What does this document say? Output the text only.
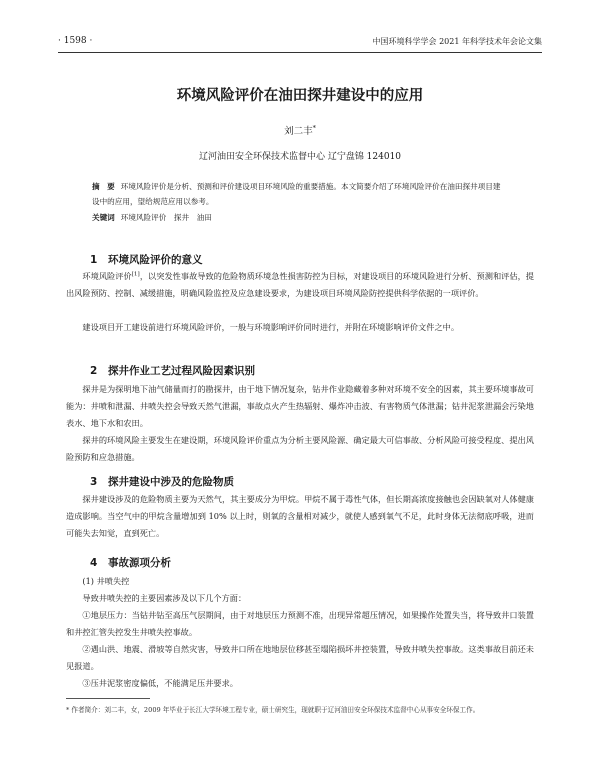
· 1598 ·	中国环境科学学会 2021 年科学技术年会论文集
环境风险评价在油田探井建设中的应用
刘二丰*
辽河油田安全环保技术监督中心 辽宁盘锦 124010
摘　要 环境风险评价是分析、预测和评价建设项目环境风险的重要措施。本文简要介绍了环境风险评价在油田探井项目建设中的应用，望给规范应用以参考。
关键词 环境风险评价　探井　油田
1 环境风险评价的意义
环境风险评价[1]，以突发性事故导致的危险物质环境急性损害防控为目标，对建设项目的环境风险进行分析、预测和评估，提出风险预防、控制、减缓措施，明确风险监控及应急建设要求，为建设项目环境风险防控提供科学依据的一项评价。
建设项目开工建设前进行环境风险评价，一般与环境影响评价同时进行，并附在环境影响评价文件之中。
2 探井作业工艺过程风险因素识别
探井是为探明地下油气储量而打的勘探井，由于地下情况复杂，钻井作业隐藏着多种对环境不安全的因素，其主要环境事故可能为：井喷和泄漏、井喷失控会导致天然气泄漏，事故点火产生热辐射、爆炸冲击波、有害物质气体泄漏；钻井泥浆泄漏会污染地表水、地下水和农田。
探井的环境风险主要发生在建设期，环境风险评价重点为分析主要风险源、确定最大可信事故、分析风险可接受程度、提出风险预防和应急措施。
3 探井建设中涉及的危险物质
探井建设涉及的危险物质主要为天然气，其主要成分为甲烷。甲烷不属于毒性气体，但长期高浓度接触也会因缺氧对人体健康造成影响。当空气中的甲烷含量增加到 10% 以上时，则氧的含量相对减少，就使人感到氧气不足，此时身体无法彻底呼吸，进而可能失去知觉，直到死亡。
4 事故源项分析
(1) 井喷失控
导致井喷失控的主要因素涉及以下几个方面：
①地层压力：当钻井钻至高压气层期间，由于对地层压力预测不准，出现异常超压情况，如果操作处置失当，将导致井口装置和井控汇管失控发生井喷失控事故。
②遇山洪、地震、滑坡等自然灾害，导致井口所在地地层位移甚至塌陷损坏井控装置，导致井喷失控事故。这类事故目前还未见报道。
③压井泥浆密度偏低，不能满足压井要求。
* 作者简介：刘二丰，女，2009 年毕业于长江大学环境工程专业，硕士研究生，现就职于辽河油田安全环保技术监督中心从事安全环保工作。
